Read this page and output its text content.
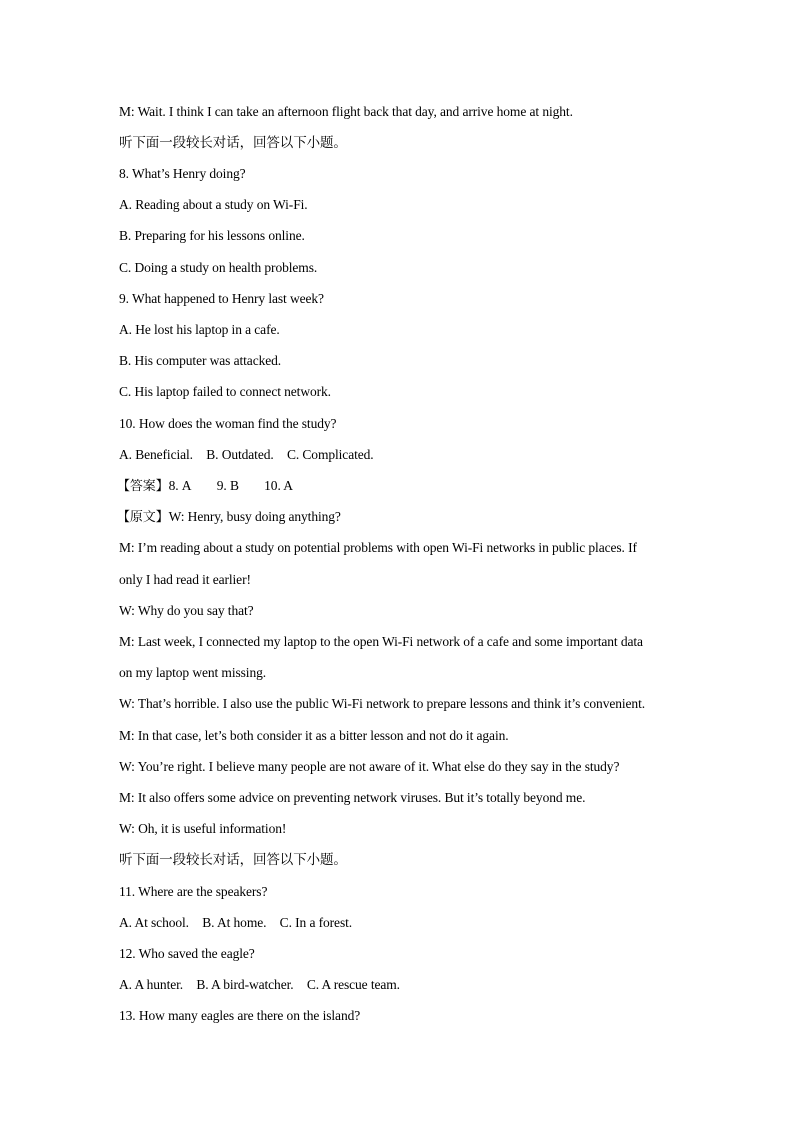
M: Wait. I think I can take an afternoon flight back that day, and arrive home at night.
听下面一段较长对话，回答以下小题。
8. What’s Henry doing?
A. Reading about a study on Wi-Fi.
B. Preparing for his lessons online.
C. Doing a study on health problems.
9. What happened to Henry last week?
A. He lost his laptop in a cafe.
B. His computer was attacked.
C. His laptop failed to connect network.
10. How does the woman find the study?
A. Beneficial. B. Outdated. C. Complicated.
【答案】8. A 9. B 10. A
【原文】W: Henry, busy doing anything?
M: I’m reading about a study on potential problems with open Wi-Fi networks in public places. If
only I had read it earlier!
W: Why do you say that?
M: Last week, I connected my laptop to the open Wi-Fi network of a cafe and some important data
on my laptop went missing.
W: That’s horrible. I also use the public Wi-Fi network to prepare lessons and think it’s convenient.
M: In that case, let’s both consider it as a bitter lesson and not do it again.
W: You’re right. I believe many people are not aware of it. What else do they say in the study?
M: It also offers some advice on preventing network viruses. But it’s totally beyond me.
W: Oh, it is useful information!
听下面一段较长对话，回答以下小题。
11. Where are the speakers?
A. At school. B. At home. C. In a forest.
12. Who saved the eagle?
A. A hunter. B. A bird-watcher. C. A rescue team.
13. How many eagles are there on the island?
